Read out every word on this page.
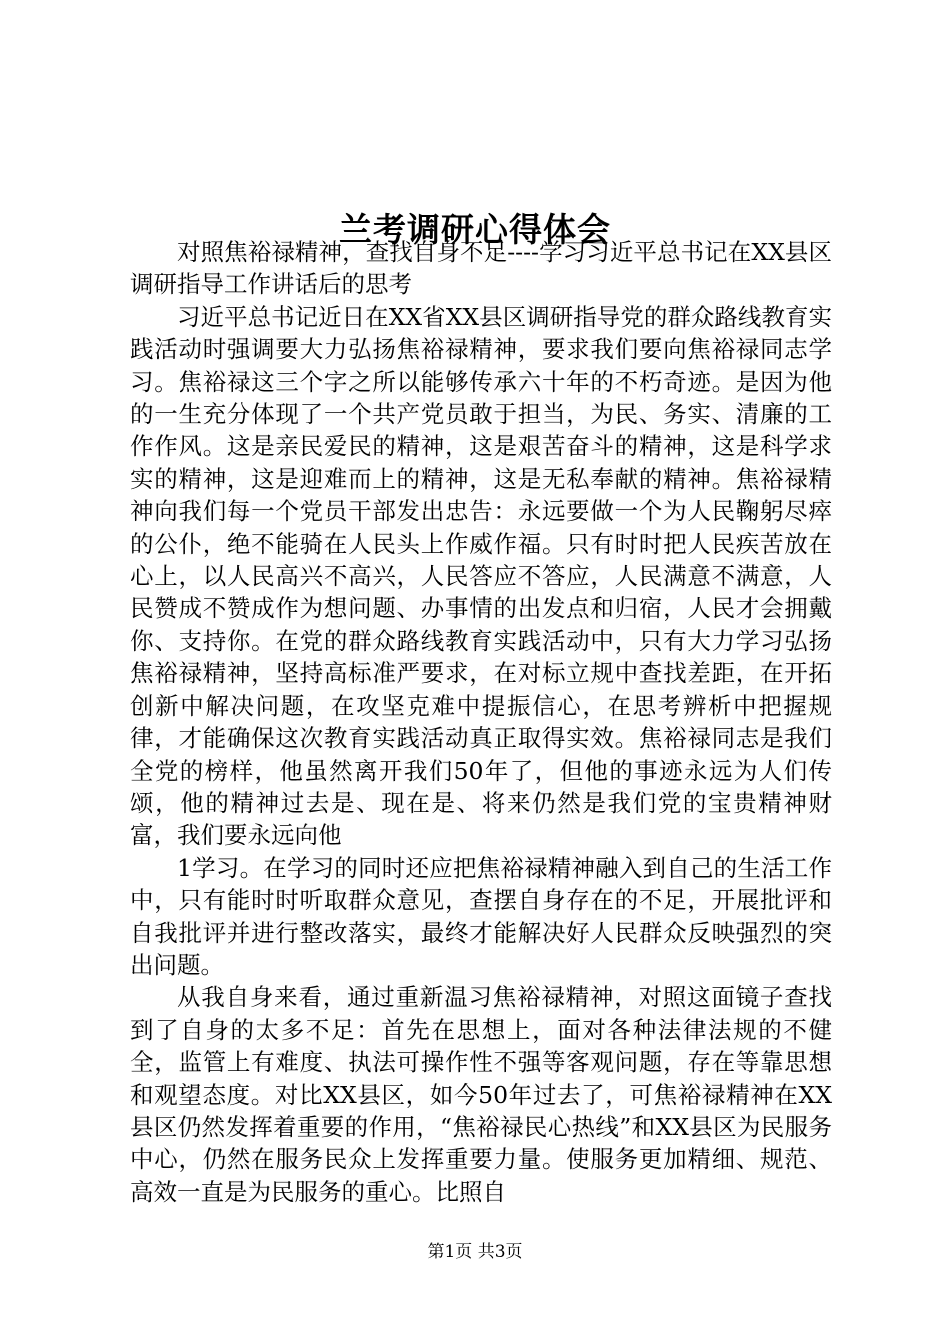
兰考调研心得体会

对照焦裕禄精神，查找自身不足----学习习近平总书记在XX县区调研指导工作讲话后的思考

习近平总书记近日在XX省XX县区调研指导党的群众路线教育实践活动时强调要大力弘扬焦裕禄精神，要求我们要向焦裕禄同志学习。焦裕禄这三个字之所以能够传承六十年的不朽奇迹。是因为他的一生充分体现了一个共产党员敢于担当，为民、务实、清廉的工作作风。这是亲民爱民的精神，这是艰苦奋斗的精神，这是科学求实的精神，这是迎难而上的精神，这是无私奉献的精神。焦裕禄精神向我们每一个党员干部发出忠告：永远要做一个为人民鞠躬尽瘁的公仆，绝不能骑在人民头上作威作福。只有时时把人民疾苦放在心上，以人民高兴不高兴，人民答应不答应，人民满意不满意，人民赞成不赞成作为想问题、办事情的出发点和归宿，人民才会拥戴你、支持你。在党的群众路线教育实践活动中，只有大力学习弘扬焦裕禄精神，坚持高标准严要求，在对标立规中查找差距，在开拓创新中解决问题，在攻坚克难中提振信心，在思考辨析中把握规律，才能确保这次教育实践活动真正取得实效。焦裕禄同志是我们全党的榜样，他虽然离开我们50年了，但他的事迹永远为人们传颂，他的精神过去是、现在是、将来仍然是我们党的宝贵精神财富，我们要永远向他

1学习。在学习的同时还应把焦裕禄精神融入到自己的生活工作中，只有能时时听取群众意见，查摆自身存在的不足，开展批评和自我批评并进行整改落实，最终才能解决好人民群众反映强烈的突出问题。

从我自身来看，通过重新温习焦裕禄精神，对照这面镜子查找到了自身的太多不足：首先在思想上，面对各种法律法规的不健全，监管上有难度、执法可操作性不强等客观问题，存在等靠思想和观望态度。对比XX县区，如今50年过去了，可焦裕禄精神在XX县区仍然发挥着重要的作用，“焦裕禄民心热线”和XX县区为民服务中心，仍然在服务民众上发挥重要力量。使服务更加精细、规范、高效一直是为民服务的重心。比照自

第1页 共3页
